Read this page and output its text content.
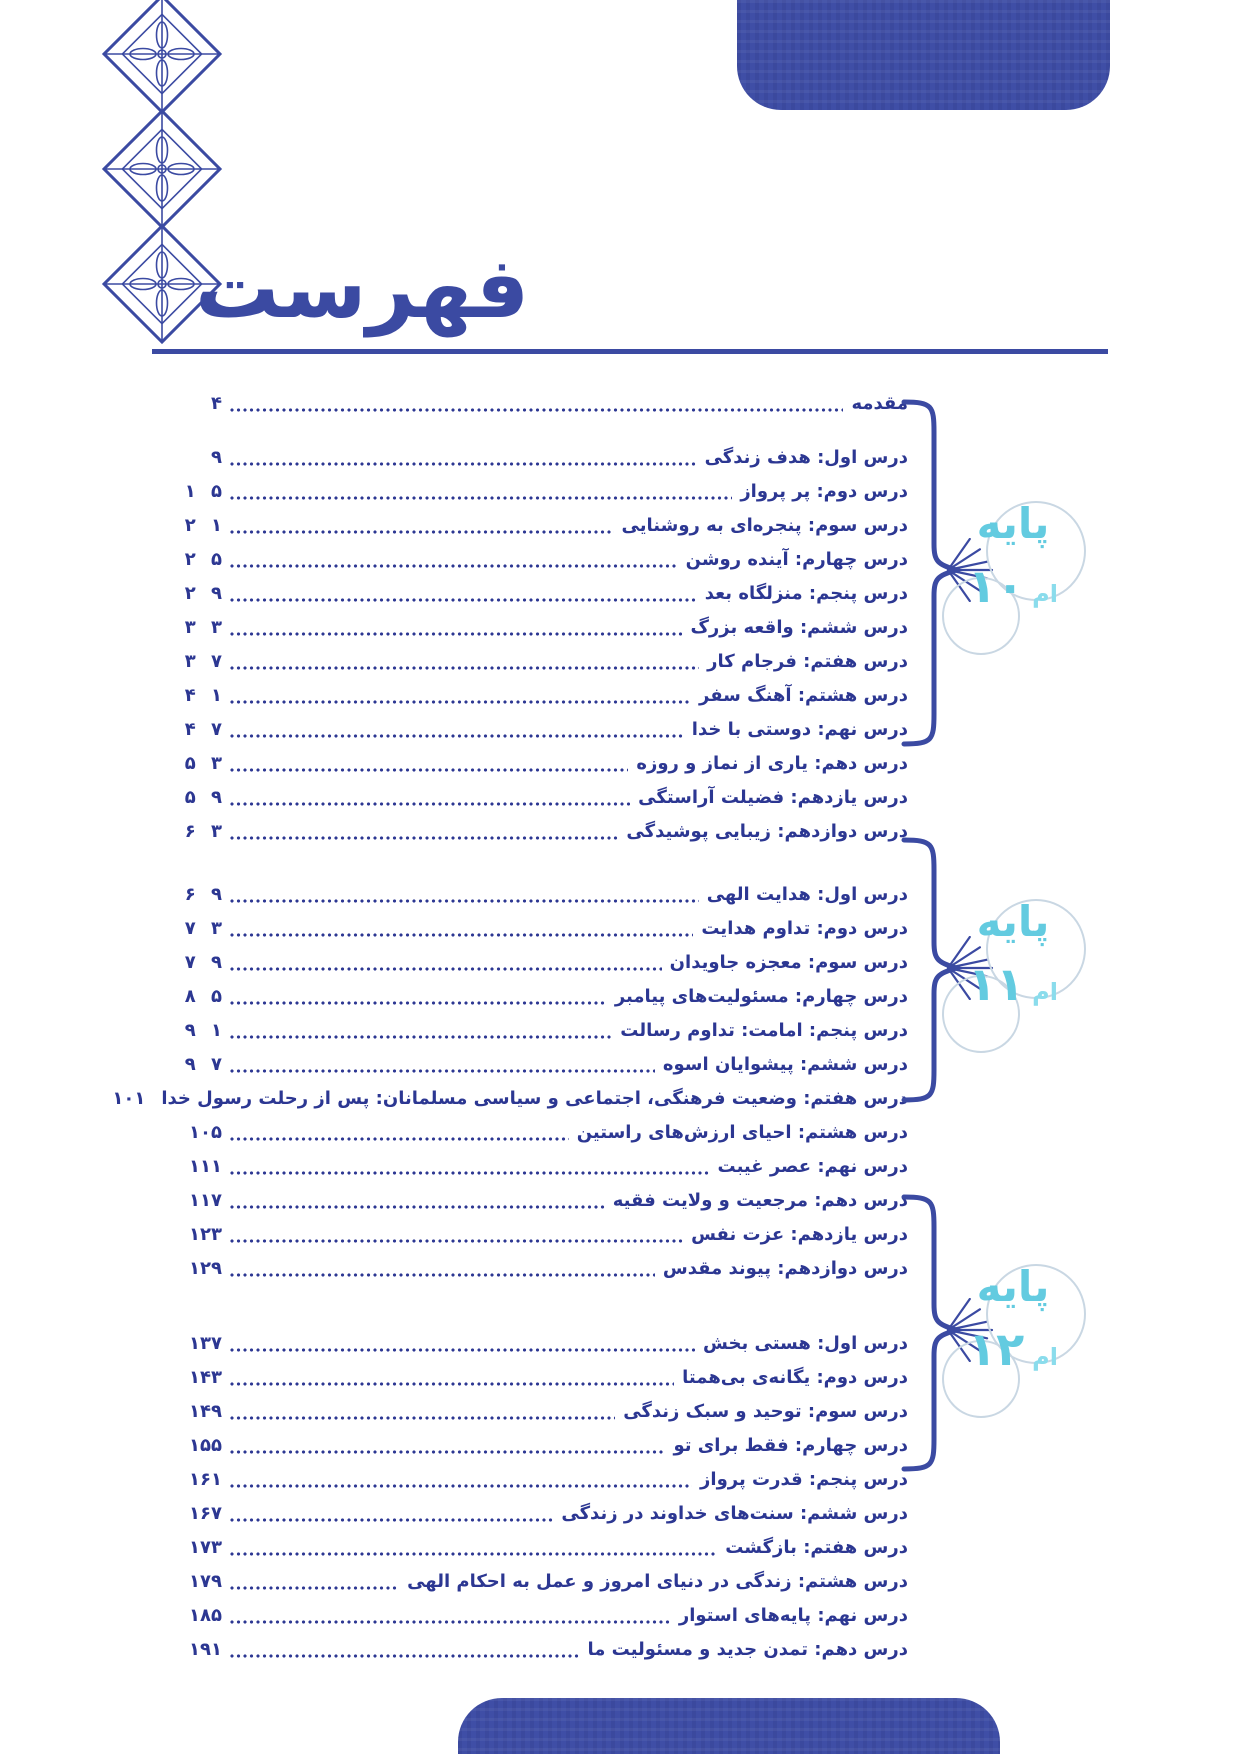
فهرست
مقدمه
۴
درس اول: هدف زندگی
۹
درس دوم: پر پرواز
۱ ۵
درس سوم: پنجره‌ای به روشنایی
۲ ۱
درس چهارم: آینده روشن
۲ ۵
درس پنجم: منزلگاه بعد
۲ ۹
درس ششم: واقعه بزرگ
۳ ۳
درس هفتم: فرجام کار
۳ ۷
درس هشتم: آهنگ سفر
۴ ۱
درس نهم: دوستی با خدا
۴ ۷
درس دهم: یاری از نماز و روزه
۵ ۳
درس یازدهم: فضیلت آراستگی
۵ ۹
درس دوازدهم: زیبایی پوشیدگی
۶ ۳
درس اول: هدایت الهی
۶ ۹
درس دوم: تداوم هدایت
۷ ۳
درس سوم: معجزه جاویدان
۷ ۹
درس چهارم: مسئولیت‌های پیامبر
۸ ۵
درس پنجم: امامت: تداوم رسالت
۹ ۱
درس ششم: پیشوایان اسوه
۹ ۷
درس هفتم: وضعیت فرهنگی، اجتماعی و سیاسی مسلمانان: پس از رحلت رسول خدا
۱۰۱
درس هشتم: احیای ارزش‌های راستین
۱۰۵
درس نهم: عصر غیبت
۱۱۱
درس دهم: مرجعیت و ولایت فقیه
۱۱۷
درس یازدهم: عزت نفس
۱۲۳
درس دوازدهم: پیوند مقدس
۱۲۹
درس اول: هستی بخش
۱۳۷
درس دوم: یگانه‌ی بی‌همتا
۱۴۳
درس سوم: توحید و سبک زندگی
۱۴۹
درس چهارم: فقط برای تو
۱۵۵
درس پنجم: قدرت پرواز
۱۶۱
درس ششم: سنت‌های خداوند در زندگی
۱۶۷
درس هفتم: بازگشت
۱۷۳
درس هشتم: زندگی در دنیای امروز و عمل به احکام الهی
۱۷۹
درس نهم: پایه‌های استوار
۱۸۵
درس دهم: تمدن جدید و مسئولیت ما
۱۹۱
پایه
۱۰ ام
پایه
۱۱ ام
پایه
۱۲ ام
